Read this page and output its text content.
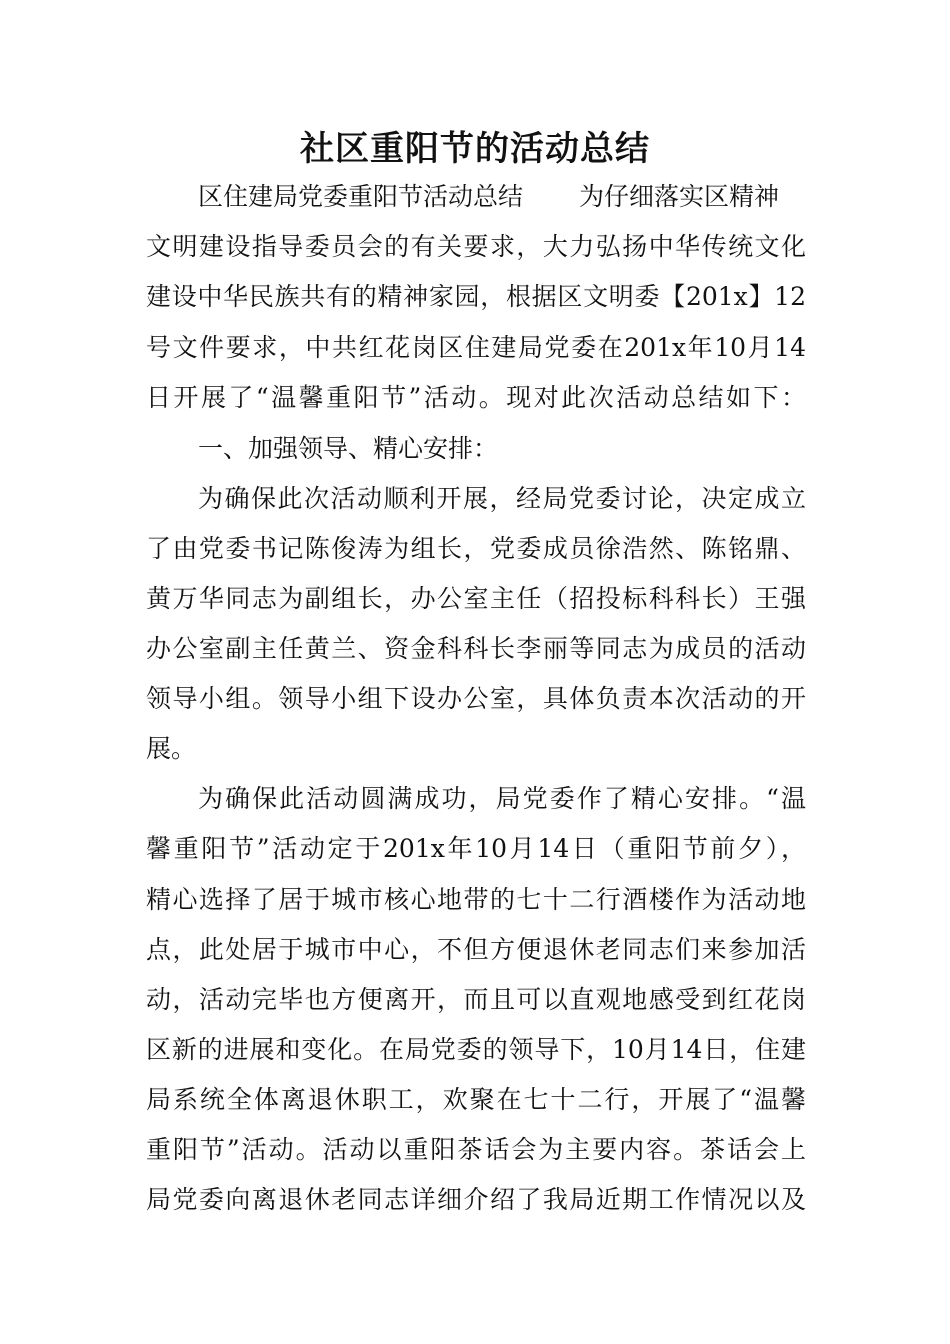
社区重阳节的活动总结
区住建局党委重阳节活动总结 为仔细落实区精神
文明建设指导委员会的有关要求，大力弘扬中华传统文化
建设中华民族共有的精神家园，根据区文明委【201x】12
号文件要求，中共红花岗区住建局党委在201x年10月14
日开展了“温馨重阳节”活动。现对此次活动总结如下：
一、加强领导、精心安排：
为确保此次活动顺利开展，经局党委讨论，决定成立
了由党委书记陈俊涛为组长，党委成员徐浩然、陈铭鼎、
黄万华同志为副组长，办公室主任（招投标科科长）王强
办公室副主任黄兰、资金科科长李丽等同志为成员的活动
领导小组。领导小组下设办公室，具体负责本次活动的开
展。
为确保此活动圆满成功，局党委作了精心安排。“温
馨重阳节”活动定于201x年10月14日（重阳节前夕），
精心选择了居于城市核心地带的七十二行酒楼作为活动地
点，此处居于城市中心，不但方便退休老同志们来参加活
动，活动完毕也方便离开，而且可以直观地感受到红花岗
区新的进展和变化。在局党委的领导下，10月14日，住建
局系统全体离退休职工，欢聚在七十二行，开展了“温馨
重阳节”活动。活动以重阳茶话会为主要内容。茶话会上
局党委向离退休老同志详细介绍了我局近期工作情况以及
